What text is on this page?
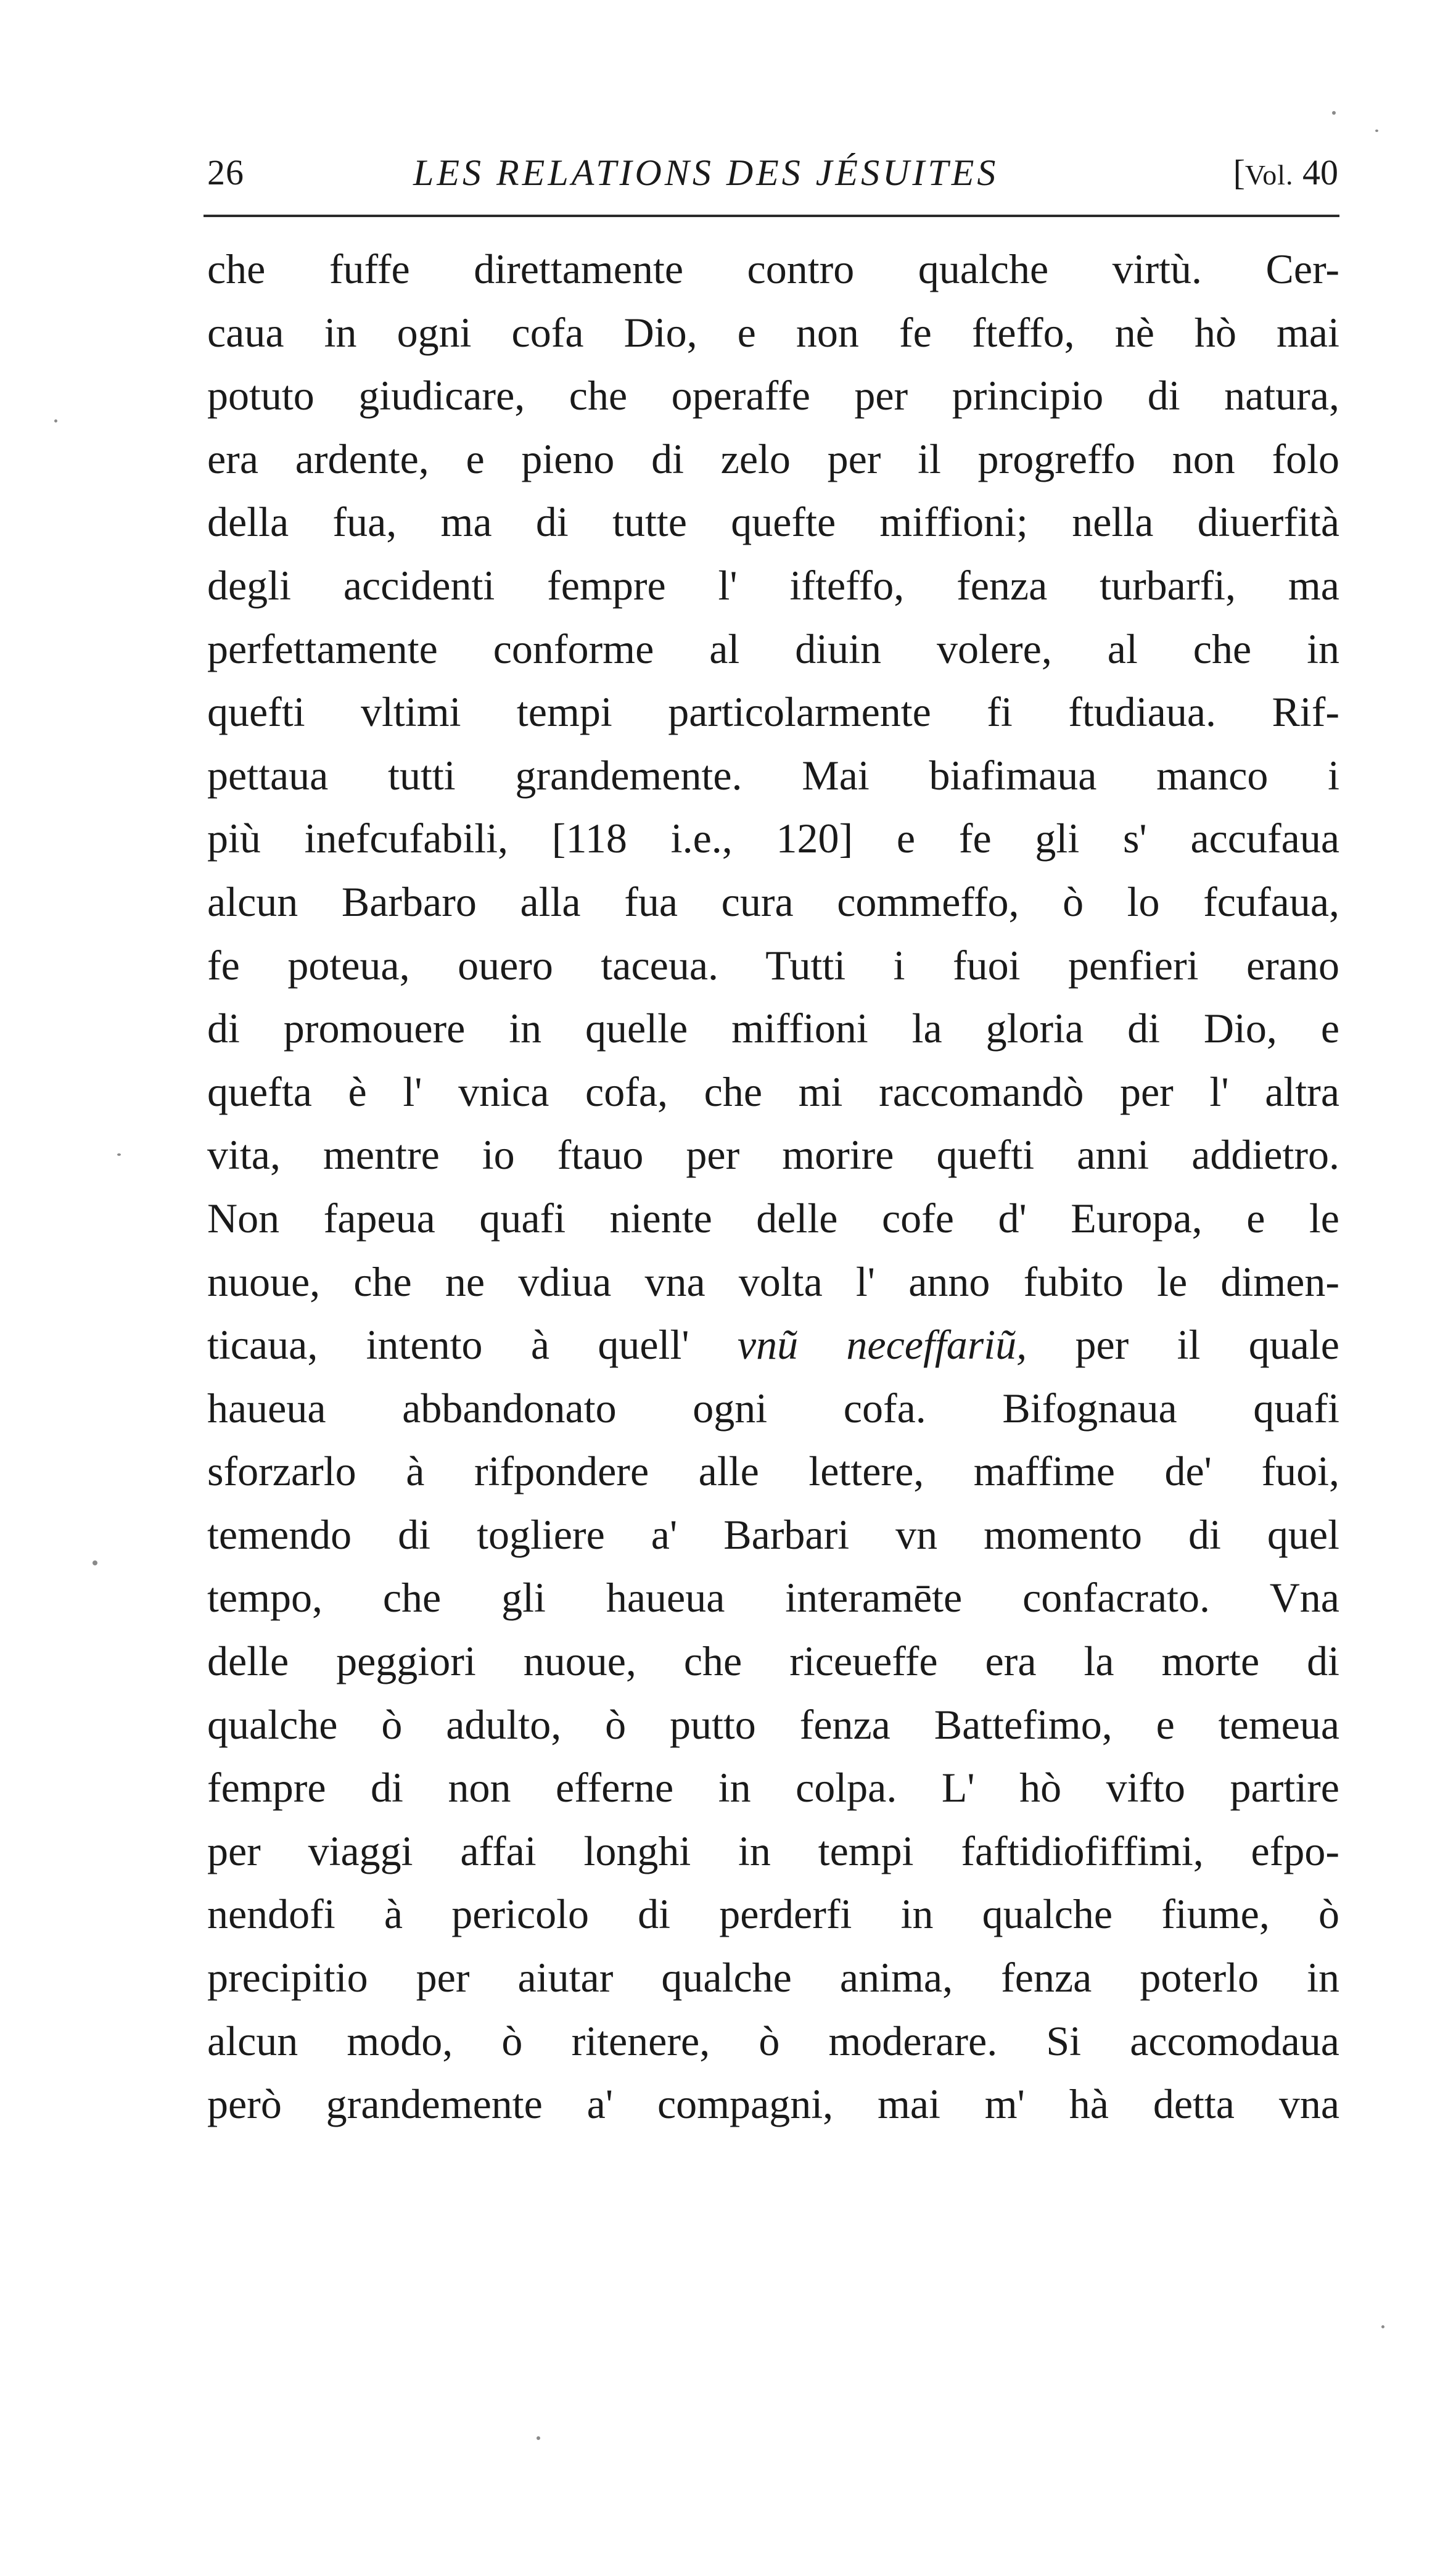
26	LES RELATIONS DES JÉSUITES	[Vol. 40
che fuffe direttamente contro qualche virtù. Cer-
caua in ogni cofa Dio, e non fe fteffo, nè hò mai
potuto giudicare, che operaffe per principio di natura,
era ardente, e pieno di zelo per il progreffo non folo
della fua, ma di tutte quefte miffioni; nella diuerfità
degli accidenti fempre l' ifteffo, fenza turbarfi, ma
perfettamente conforme al diuin volere, al che in
quefti vltimi tempi particolarmente fi ftudiaua. Rif-
pettaua tutti grandemente. Mai biafimaua manco i
più inefcufabili, [118 i.e., 120] e fe gli s' accufaua
alcun Barbaro alla fua cura commeffo, ò lo fcufaua,
fe poteua, ouero taceua. Tutti i fuoi penfieri erano
di promouere in quelle miffioni la gloria di Dio, e
quefta è l' vnica cofa, che mi raccomandò per l' altra
vita, mentre io ftauo per morire quefti anni addietro.
Non fapeua quafi niente delle cofe d' Europa, e le
nuoue, che ne vdiua vna volta l' anno fubito le dimen-
ticaua, intento à quell' vnũ neceffariũ, per il quale
haueua abbandonato ogni cofa. Bifognaua quafi
sforzarlo à rifpondere alle lettere, maffime de' fuoi,
temendo di togliere a' Barbari vn momento di quel
tempo, che gli haueua interamēte confacrato. Vna
delle peggiori nuoue, che riceueffe era la morte di
qualche ò adulto, ò putto fenza Battefimo, e temeua
fempre di non efferne in colpa. L' hò vifto partire
per viaggi affai longhi in tempi faftidiofiffimi, efpo-
nendofi à pericolo di perderfi in qualche fiume, ò
precipitio per aiutar qualche anima, fenza poterlo in
alcun modo, ò ritenere, ò moderare. Si accomodaua
però grandemente a' compagni, mai m' hà detta vna
